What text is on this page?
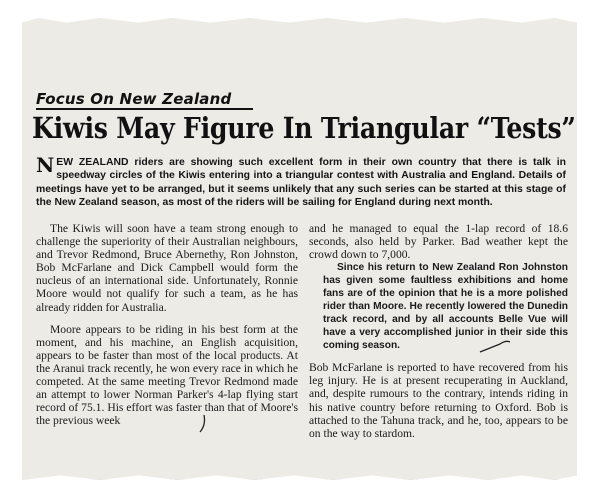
Focus On New Zealand
Kiwis May Figure In Triangular “Tests”
NEW ZEALAND riders are showing such excellent form in their own country that there is talk in speedway circles of the Kiwis entering into a triangular contest with Australia and England. Details of meetings have yet to be arranged, but it seems unlikely that any such series can be started at this stage of the New Zealand season, as most of the riders will be sailing for England during next month.

The Kiwis will soon have a team strong enough to challenge the superiority of their Australian neighbours, and Trevor Redmond, Bruce Abernethy, Ron Johnston, Bob McFarlane and Dick Campbell would form the nucleus of an international side. Unfortunately, Ronnie Moore would not qualify for such a team, as he has already ridden for Australia.

Moore appears to be riding in his best form at the moment, and his machine, an English acquisition, appears to be faster than most of the local products. At the Aranui track recently, he won every race in which he competed. At the same meeting Trevor Redmond made an attempt to lower Norman Parker's 4-lap flying start record of 75.1. His effort was faster than that of Moore's the previous week

and he managed to equal the 1-lap record of 18.6 seconds, also held by Parker. Bad weather kept the crowd down to 7,000.

Since his return to New Zealand Ron Johnston has given some faultless exhibitions and home fans are of the opinion that he is a more polished rider than Moore. He recently lowered the Dunedin track record, and by all accounts Belle Vue will have a very accomplished junior in their side this coming season.

Bob McFarlane is reported to have recovered from his leg injury. He is at present recuperating in Auckland, and, despite rumours to the contrary, intends riding in his native country before returning to Oxford. Bob is attached to the Tahuna track, and he, too, appears to be on the way to stardom.
